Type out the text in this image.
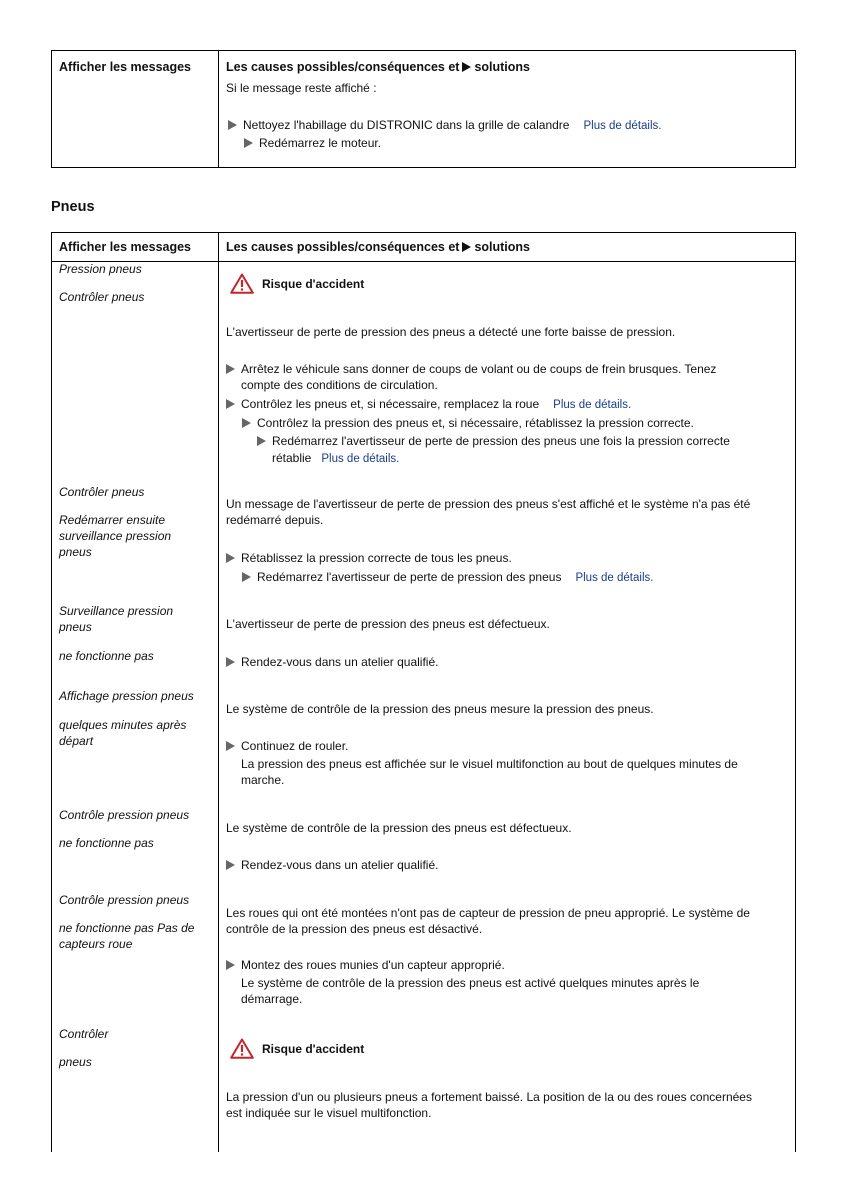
Afficher les messages	Les causes possibles/conséquences et solutions
Si le message reste affiché :
Nettoyez l'habillage du DISTRONIC dans la grille de calandre Plus de détails.
Redémarrez le moteur.
Pneus
Afficher les messages	Les causes possibles/conséquences et solutions
Pression pneus
Contrôler pneus
Risque d'accident
L'avertisseur de perte de pression des pneus a détecté une forte baisse de pression.
Arrêtez le véhicule sans donner de coups de volant ou de coups de frein brusques. Tenez
compte des conditions de circulation.
Contrôlez les pneus et, si nécessaire, remplacez la roue Plus de détails.
Contrôlez la pression des pneus et, si nécessaire, rétablissez la pression correcte.
Redémarrez l'avertisseur de perte de pression des pneus une fois la pression correcte
rétablie Plus de détails.
Contrôler pneus
Redémarrer ensuite
surveillance pression
pneus
Un message de l'avertisseur de perte de pression des pneus s'est affiché et le système n'a pas été
redémarré depuis.
Rétablissez la pression correcte de tous les pneus.
Redémarrez l'avertisseur de perte de pression des pneus Plus de détails.
Surveillance pression
pneus
ne fonctionne pas
L'avertisseur de perte de pression des pneus est défectueux.
Rendez-vous dans un atelier qualifié.
Affichage pression pneus
quelques minutes après
départ
Le système de contrôle de la pression des pneus mesure la pression des pneus.
Continuez de rouler.
La pression des pneus est affichée sur le visuel multifonction au bout de quelques minutes de
marche.
Contrôle pression pneus
ne fonctionne pas
Le système de contrôle de la pression des pneus est défectueux.
Rendez-vous dans un atelier qualifié.
Contrôle pression pneus
ne fonctionne pas Pas de
capteurs roue
Les roues qui ont été montées n'ont pas de capteur de pression de pneu approprié. Le système de
contrôle de la pression des pneus est désactivé.
Montez des roues munies d'un capteur approprié.
Le système de contrôle de la pression des pneus est activé quelques minutes après le
démarrage.
Contrôler
pneus
Risque d'accident
La pression d'un ou plusieurs pneus a fortement baissé. La position de la ou des roues concernées
est indiquée sur le visuel multifonction.
